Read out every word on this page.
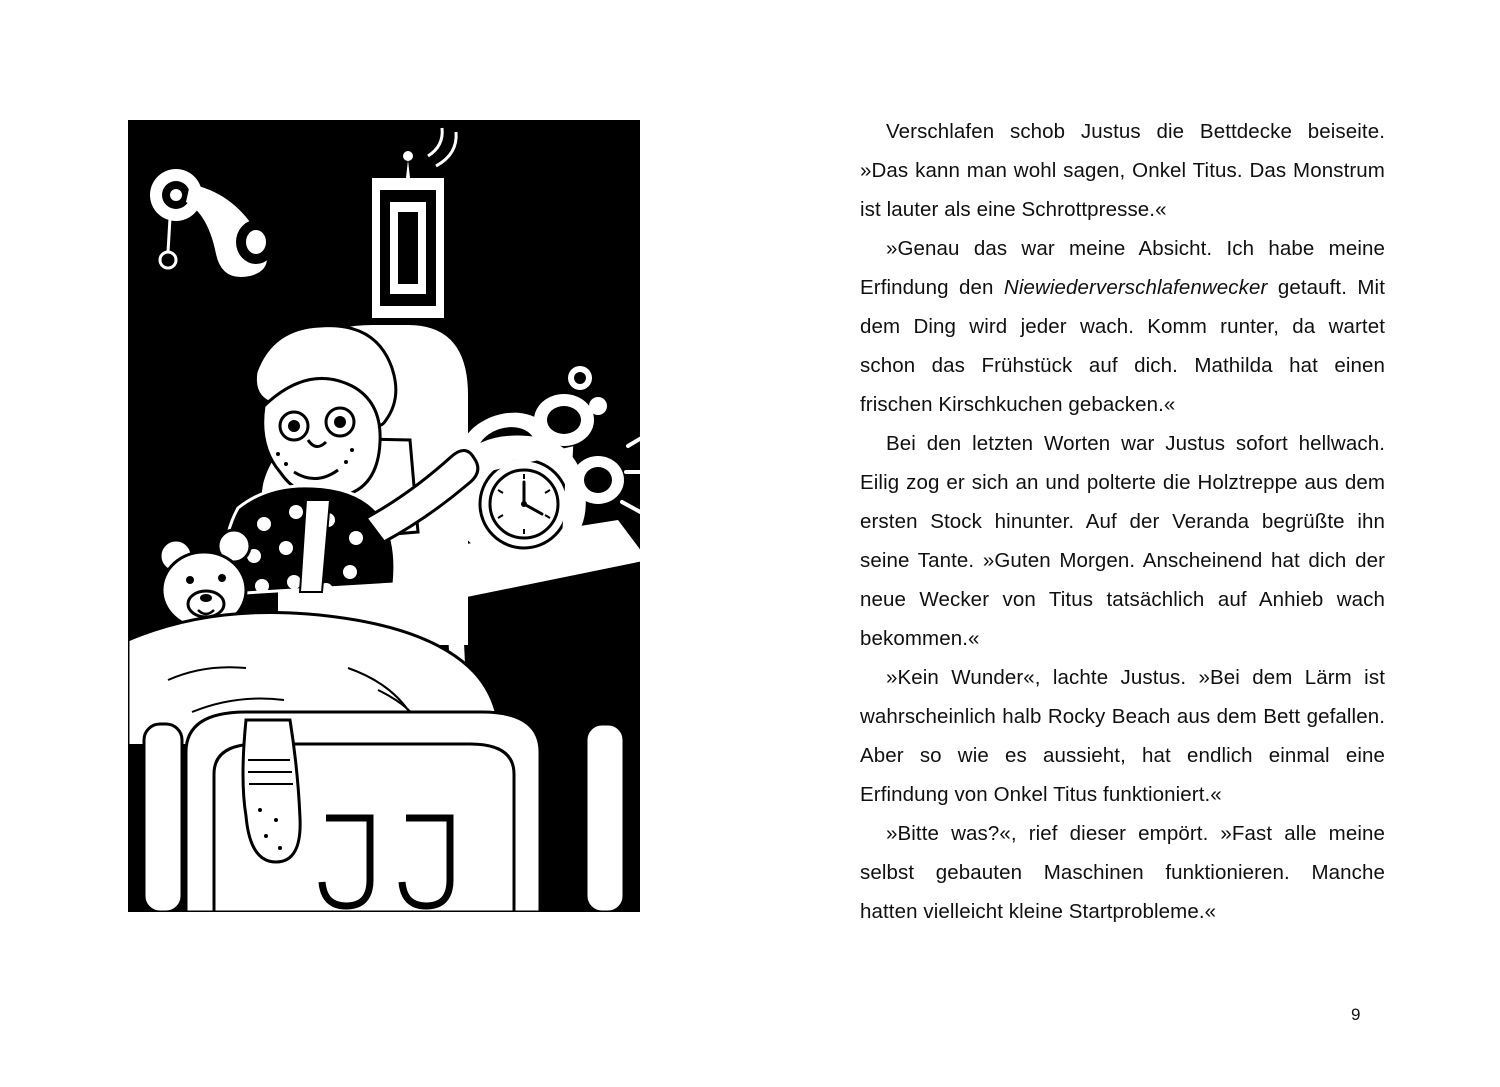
Verschlafen schob Justus die Bettdecke beiseite. »Das kann man wohl sagen, Onkel Titus. Das Monstrum ist lauter als eine Schrottpresse.«

»Genau das war meine Absicht. Ich habe meine Erfindung den Niewiederverschlafenwecker getauft. Mit dem Ding wird jeder wach. Komm runter, da wartet schon das Frühstück auf dich. Mathilda hat einen frischen Kirschkuchen gebacken.«

Bei den letzten Worten war Justus sofort hellwach. Eilig zog er sich an und polterte die Holztreppe aus dem ersten Stock hinunter. Auf der Veranda begrüßte ihn seine Tante. »Guten Morgen. Anscheinend hat dich der neue Wecker von Titus tatsächlich auf Anhieb wach bekommen.«

»Kein Wunder«, lachte Justus. »Bei dem Lärm ist wahrscheinlich halb Rocky Beach aus dem Bett gefallen. Aber so wie es aussieht, hat endlich einmal eine Erfindung von Onkel Titus funktioniert.«

»Bitte was?«, rief dieser empört. »Fast alle meine selbst gebauten Maschinen funktionieren. Manche hatten vielleicht kleine Startprobleme.«

9
